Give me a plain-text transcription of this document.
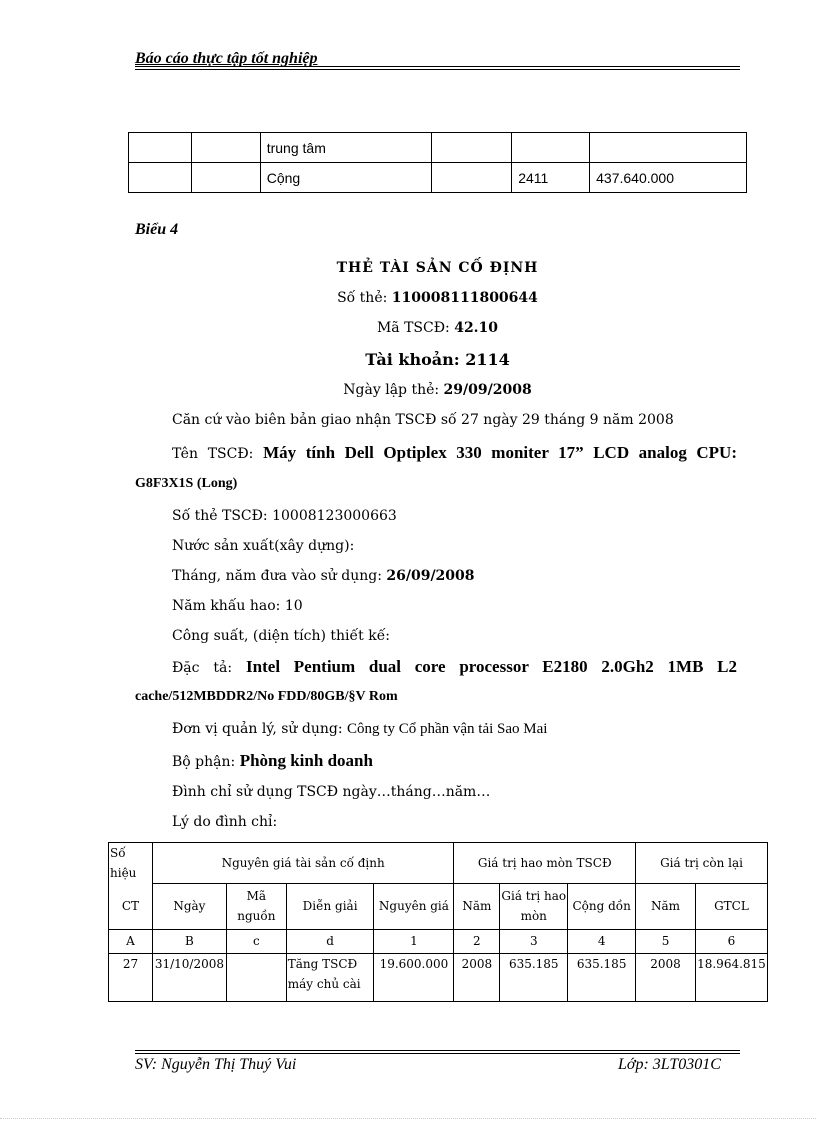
Báo cáo thực tập tốt nghiệp
		trung tâm			
		Cộng		2411	437.640.000
Biểu 4
THẺ TÀI SẢN CỐ ĐỊNH
Số thẻ: 110008111800644
Mã TSCĐ: 42.10
Tài khoản: 2114
Ngày lập thẻ: 29/09/2008
Căn cứ vào biên bản giao nhận TSCĐ số 27 ngày 29 tháng 9 năm 2008
Tên TSCĐ: Máy tính Dell Optiplex 330 moniter 17” LCD analog CPU:
G8F3X1S (Long)
Số thẻ TSCĐ: 10008123000663
Nước sản xuất(xây dựng):
Tháng, năm đưa vào sử dụng: 26/09/2008
Năm khấu hao: 10
Công suất, (diện tích) thiết kế:
Đặc tả: Intel Pentium dual core processor E2180 2.0Gh2 1MB L2
cache/512MBDDR2/No FDD/80GB/§V Rom
Đơn vị quản lý, sử dụng: Công ty Cổ phần vận tải Sao Mai
Bộ phận: Phòng kinh doanh
Đình chỉ sử dụng TSCĐ ngày…tháng…năm…
Lý do đình chỉ:
Số hiệu	Nguyên giá tài sản cố định				Giá trị hao mòn TSCĐ			Giá trị còn lại	
CT	Ngày	Mã nguồn	Diễn giải	Nguyên giá	Năm	Giá trị hao mòn	Cộng dồn	Năm	GTCL
A	B	c	d	1	2	3	4	5	6
27	31/10/2008		Tăng TSCĐ máy chủ cài	19.600.000	2008	635.185	635.185	2008	18.964.815
SV: Nguyễn Thị Thuý Vui	Lớp: 3LT0301C
